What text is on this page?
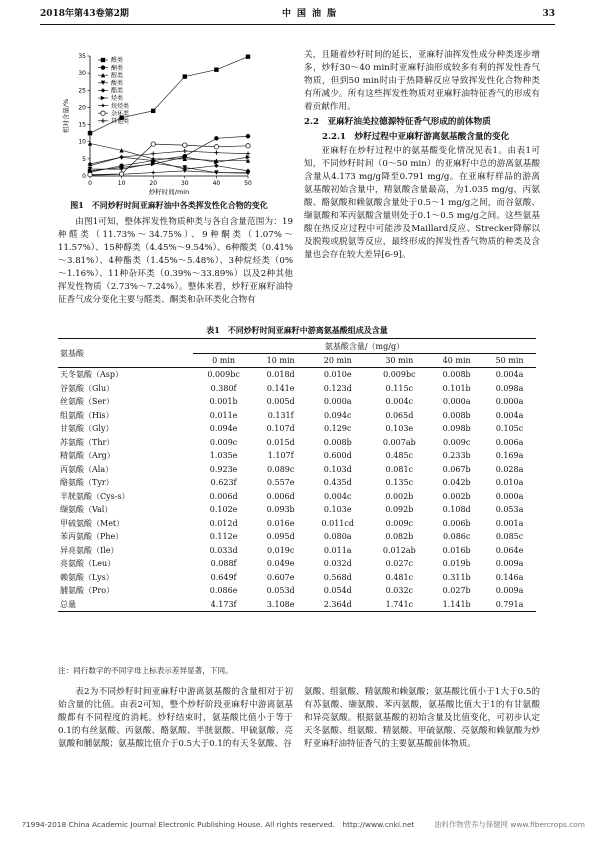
2018年第43卷第2期	中国油脂	33
0	10	20	30	40	50
0
5
10
15
20
25
30
35
炒籽时间/min
相对含量/%
醛类
酮类
醇类
酸类
酯类
烃类
烷烃类
杂环类
其他类
图1　不同炒籽时间亚麻籽油中各类挥发性化合物的变化

由图1可知，整体挥发性物质种类与各自含量范围为：19种醛类（11.73%～34.75%）、9种酮类（1.07%～11.57%）、15种醇类（4.45%～9.54%）、6种酸类（0.41%～3.81%）、4种酯类（1.45%～5.48%）、3种烷烃类（0%～1.16%）、11种杂环类（0.39%～33.89%）以及2种其他挥发性物质（2.73%～7.24%）。整体来看，炒籽亚麻籽油特征香气成分变化主要与醛类、酮类和杂环类化合物有

关，且随着炒籽时间的延长，亚麻籽油挥发性成分种类逐步增多，炒籽30～40 min时亚麻籽油形成较多有利的挥发性香气物质，但到50 min时由于热降解反应导致挥发性化合物种类有所减少。所有这些挥发性物质对亚麻籽油特征香气的形成有着贡献作用。

2.2　亚麻籽油美拉德源特征香气形成的前体物质
2.2.1　炒籽过程中亚麻籽游离氨基酸含量的变化

亚麻籽在炒籽过程中的氨基酸变化情况见表1。由表1可知，不同炒籽时间（0～50 min）的亚麻籽中总的游离氨基酸含量从4.173 mg/g降至0.791 mg/g。在亚麻籽样品的游离氨基酸初始含量中，精氨酸含量最高，为1.035 mg/g，丙氨酸、酪氨酸和赖氨酸含量处于0.5～1 mg/g之间，而谷氨酸、缬氨酸和苯丙氨酸含量则处于0.1～0.5 mg/g之间。这些氨基酸在热反应过程中可能涉及Maillard反应、Strecker降解以及脱羧或脱氨等反应，最终形成的挥发性香气物质的种类及含量也会存在较大差异[6-9]。

表1　不同炒籽时间亚麻籽中游离氨基酸组成及含量
氨基酸	氨基酸含量/（mg/g）					
	0 min	10 min	20 min	30 min	40 min	50 min
天冬氨酸（Asp）	0.009bc	0.018d	0.010e	0.009bc	0.008b	0.004a
谷氨酸（Glu）	0.380f	0.141e	0.123d	0.115c	0.101b	0.098a
丝氨酸（Ser）	0.001b	0.005d	0.000a	0.004c	0.000a	0.000a
组氨酸（His）	0.011e	0.131f	0.094c	0.065d	0.008b	0.004a
甘氨酸（Gly）	0.094e	0.107d	0.129c	0.103e	0.098b	0.105c
苏氨酸（Thr）	0.009c	0.015d	0.008b	0.007ab	0.009c	0.006a
精氨酸（Arg）	1.035e	1.107f	0.600d	0.485c	0.233b	0.169a
丙氨酸（Ala）	0.923e	0.089c	0.103d	0.081c	0.067b	0.028a
酪氨酸（Tyr）	0.623f	0.557e	0.435d	0.135c	0.042b	0.010a
半胱氨酸（Cys-s）	0.006d	0.006d	0.004c	0.002b	0.002b	0.000a
缬氨酸（Val）	0.102e	0.093b	0.103e	0.092b	0.108d	0.053a
甲硫氨酸（Met）	0.012d	0.016e	0.011cd	0.009c	0.006b	0.001a
苯丙氨酸（Phe）	0.112e	0.095d	0.080a	0.082b	0.086c	0.085c
异亮氨酸（Ile）	0.033d	0.019c	0.011a	0.012ab	0.016b	0.064e
亮氨酸（Leu）	0.088f	0.049e	0.032d	0.027c	0.019b	0.009a
赖氨酸（Lys）	0.649f	0.607e	0.568d	0.481c	0.311b	0.146a
脯氨酸（Pro）	0.086e	0.053d	0.054d	0.032c	0.027b	0.009a
总量	4.173f	3.108e	2.364d	1.741c	1.141b	0.791a
注：同行数字的不同字母上标表示差异显著，下同。

表2为不同炒籽时间亚麻籽中游离氨基酸的含量相对于初始含量的比值。由表2可知，整个炒籽阶段亚麻籽中游离氨基酸都有不同程度的消耗。炒籽结束时，氨基酸比值小于等于0.1的有丝氨酸、丙氨酸、酪氨酸、半胱氨酸、甲硫氨酸、亮氨酸和脯氨酸；氨基酸比值介于0.5大于0.1的有天冬氨酸、谷

氨酸、组氨酸、精氨酸和赖氨酸；氨基酸比值小于1大于0.5的有苏氨酸、缬氨酸、苯丙氨酸，氨基酸比值大于1的有甘氨酸和异亮氨酸。根据氨基酸的初始含量及比值变化，可初步认定天冬氨酸、组氨酸、精氨酸、甲硫氨酸、亮氨酸和赖氨酸为炒籽亚麻籽油特征香气的主要氨基酸前体物质。

?1994-2018 China Academic Journal Electronic Publishing House. All rights reserved.　http://www.cnki.net	油料作物营养与保健网 www.fibercrops.com
